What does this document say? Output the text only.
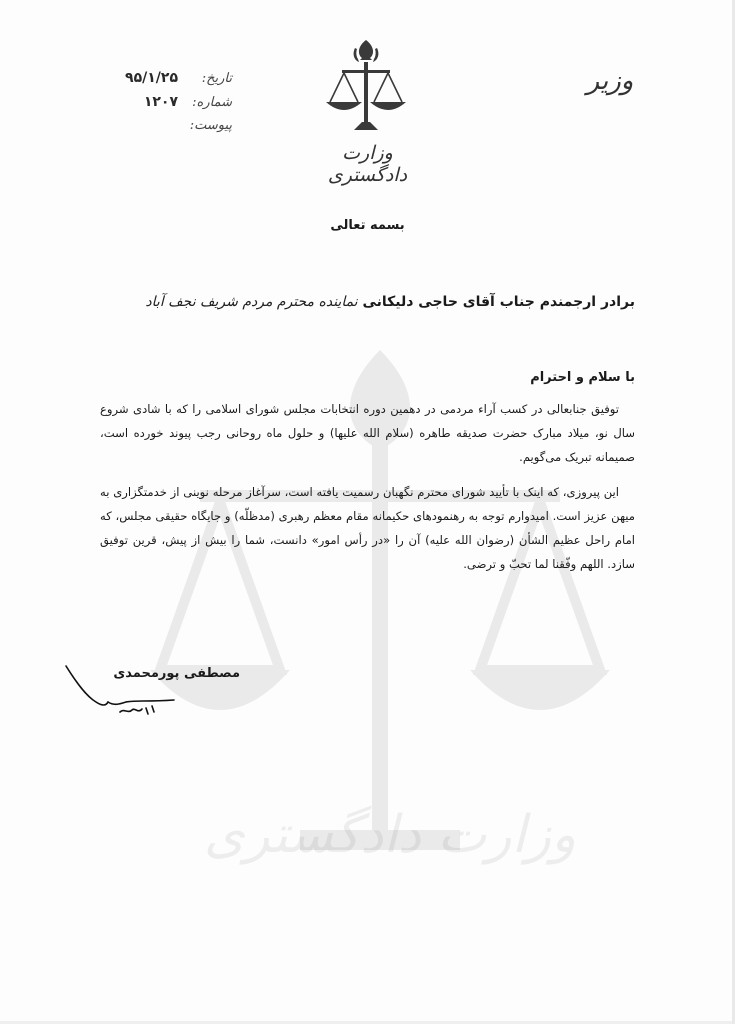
وزارت دادگستری
وزیر
وزارت دادگستری
تاریخ:
۹۵/۱/۲۵
شماره:
۱۲۰۷
پیوست:
بسمه تعالی
برادر ارجمندم جناب آقای حاجی دلیکانی نماینده محترم مردم شریف نجف آباد
با سلام و احترام

توفیق جنابعالی در کسب آراء مردمی در دهمین دوره انتخابات مجلس شورای اسلامی را که با شادی شروع سال نو، میلاد مبارک حضرت صدیقه طاهره (سلام الله علیها) و حلول ماه روحانی رجب پیوند خورده است، صمیمانه تبریک می‌گویم.

این پیروزی، که اینک با تأیید شورای محترم نگهبان رسمیت یافته است، سرآغاز مرحله نوینی از خدمتگزاری به میهن عزیز است. امیدوارم توجه به رهنمودهای حکیمانه مقام معظم رهبری (مدظلّه) و جایگاه حقیقی مجلس، که امام راحل عظیم الشأن (رضوان الله علیه) آن را «در رأس امور» دانست، شما را بیش از پیش، قرین توفیق سازد. اللهم وفّقنا لما تحبّ و ترضی.

مصطفی پورمحمدی
